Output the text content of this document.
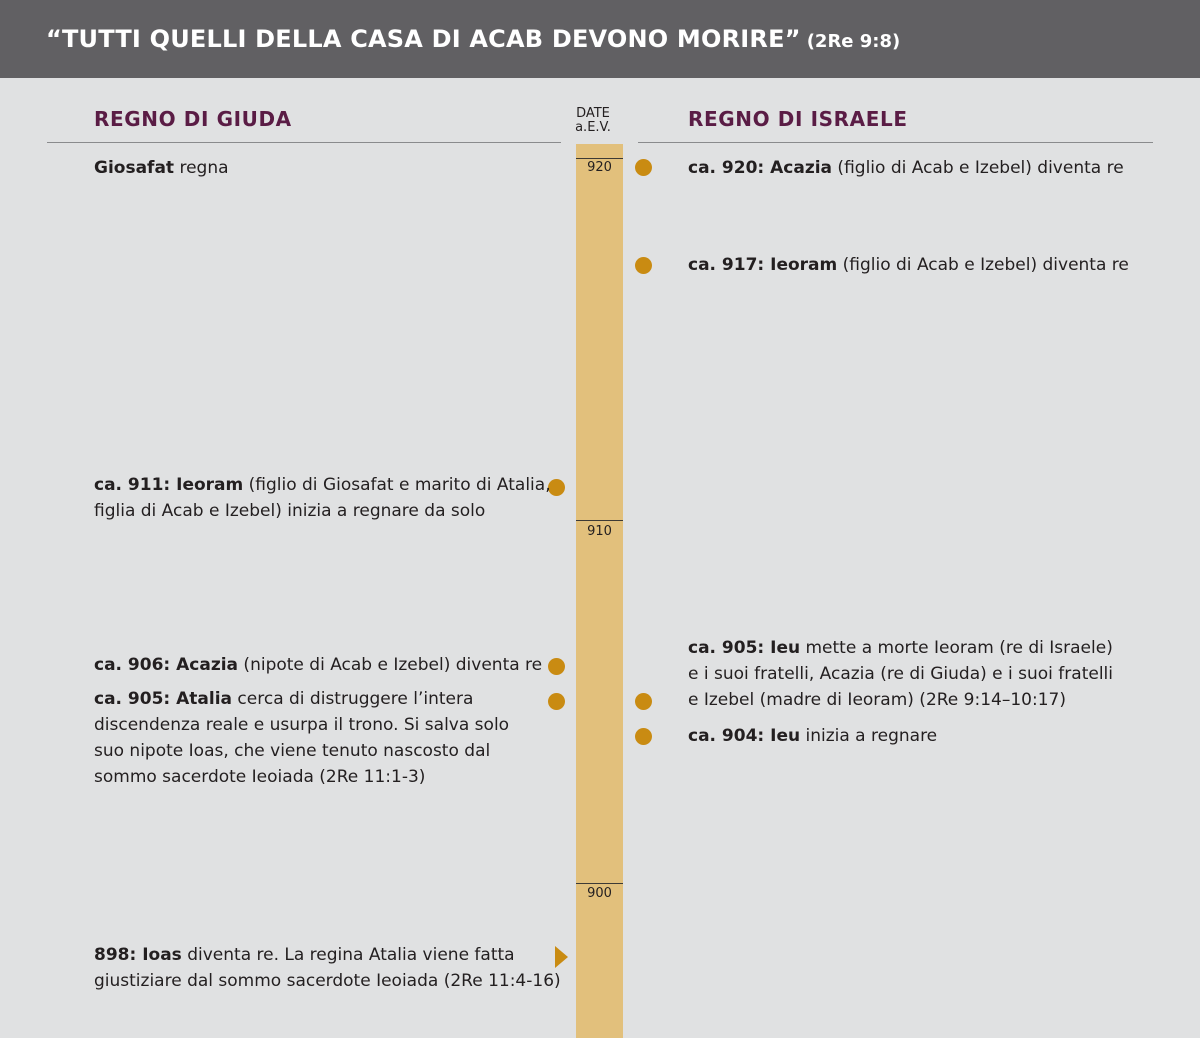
“TUTTI QUELLI DELLA CASA DI ACAB DEVONO MORIRE” (2Re 9:8)
REGNO DI GIUDA	REGNO DI ISRAELE
DATE
a.E.V.
920
910
900
Giosafat regna
ca. 911: Ieoram (figlio di Giosafat e marito di Atalia,
figlia di Acab e Izebel) inizia a regnare da solo
ca. 906: Acazia (nipote di Acab e Izebel) diventa re
ca. 905: Atalia cerca di distruggere l’intera
discendenza reale e usurpa il trono. Si salva solo
suo nipote Ioas, che viene tenuto nascosto dal
sommo sacerdote Ieoiada (2Re 11:1-3)
898: Ioas diventa re. La regina Atalia viene fatta
giustiziare dal sommo sacerdote Ieoiada (2Re 11:4-16)
ca. 920: Acazia (figlio di Acab e Izebel) diventa re
ca. 917: Ieoram (figlio di Acab e Izebel) diventa re
ca. 905: Ieu mette a morte Ieoram (re di Israele)
e i suoi fratelli, Acazia (re di Giuda) e i suoi fratelli
e Izebel (madre di Ieoram) (2Re 9:14–10:17)
ca. 904: Ieu inizia a regnare
